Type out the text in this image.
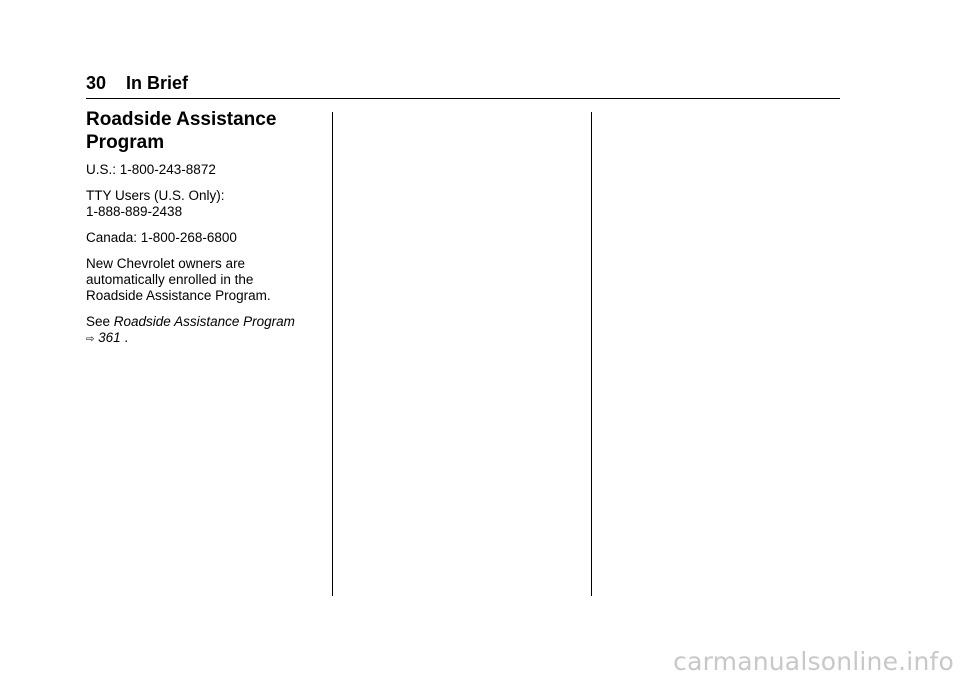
30 In Brief
Roadside Assistance
Program

U.S.: 1-800-243-8872

TTY Users (U.S. Only):
1-888-889-2438

Canada: 1-800-268-6800

New Chevrolet owners are
automatically enrolled in the
Roadside Assistance Program.

See Roadside Assistance Program
⇨ 361 .

carmanualsonline.info
